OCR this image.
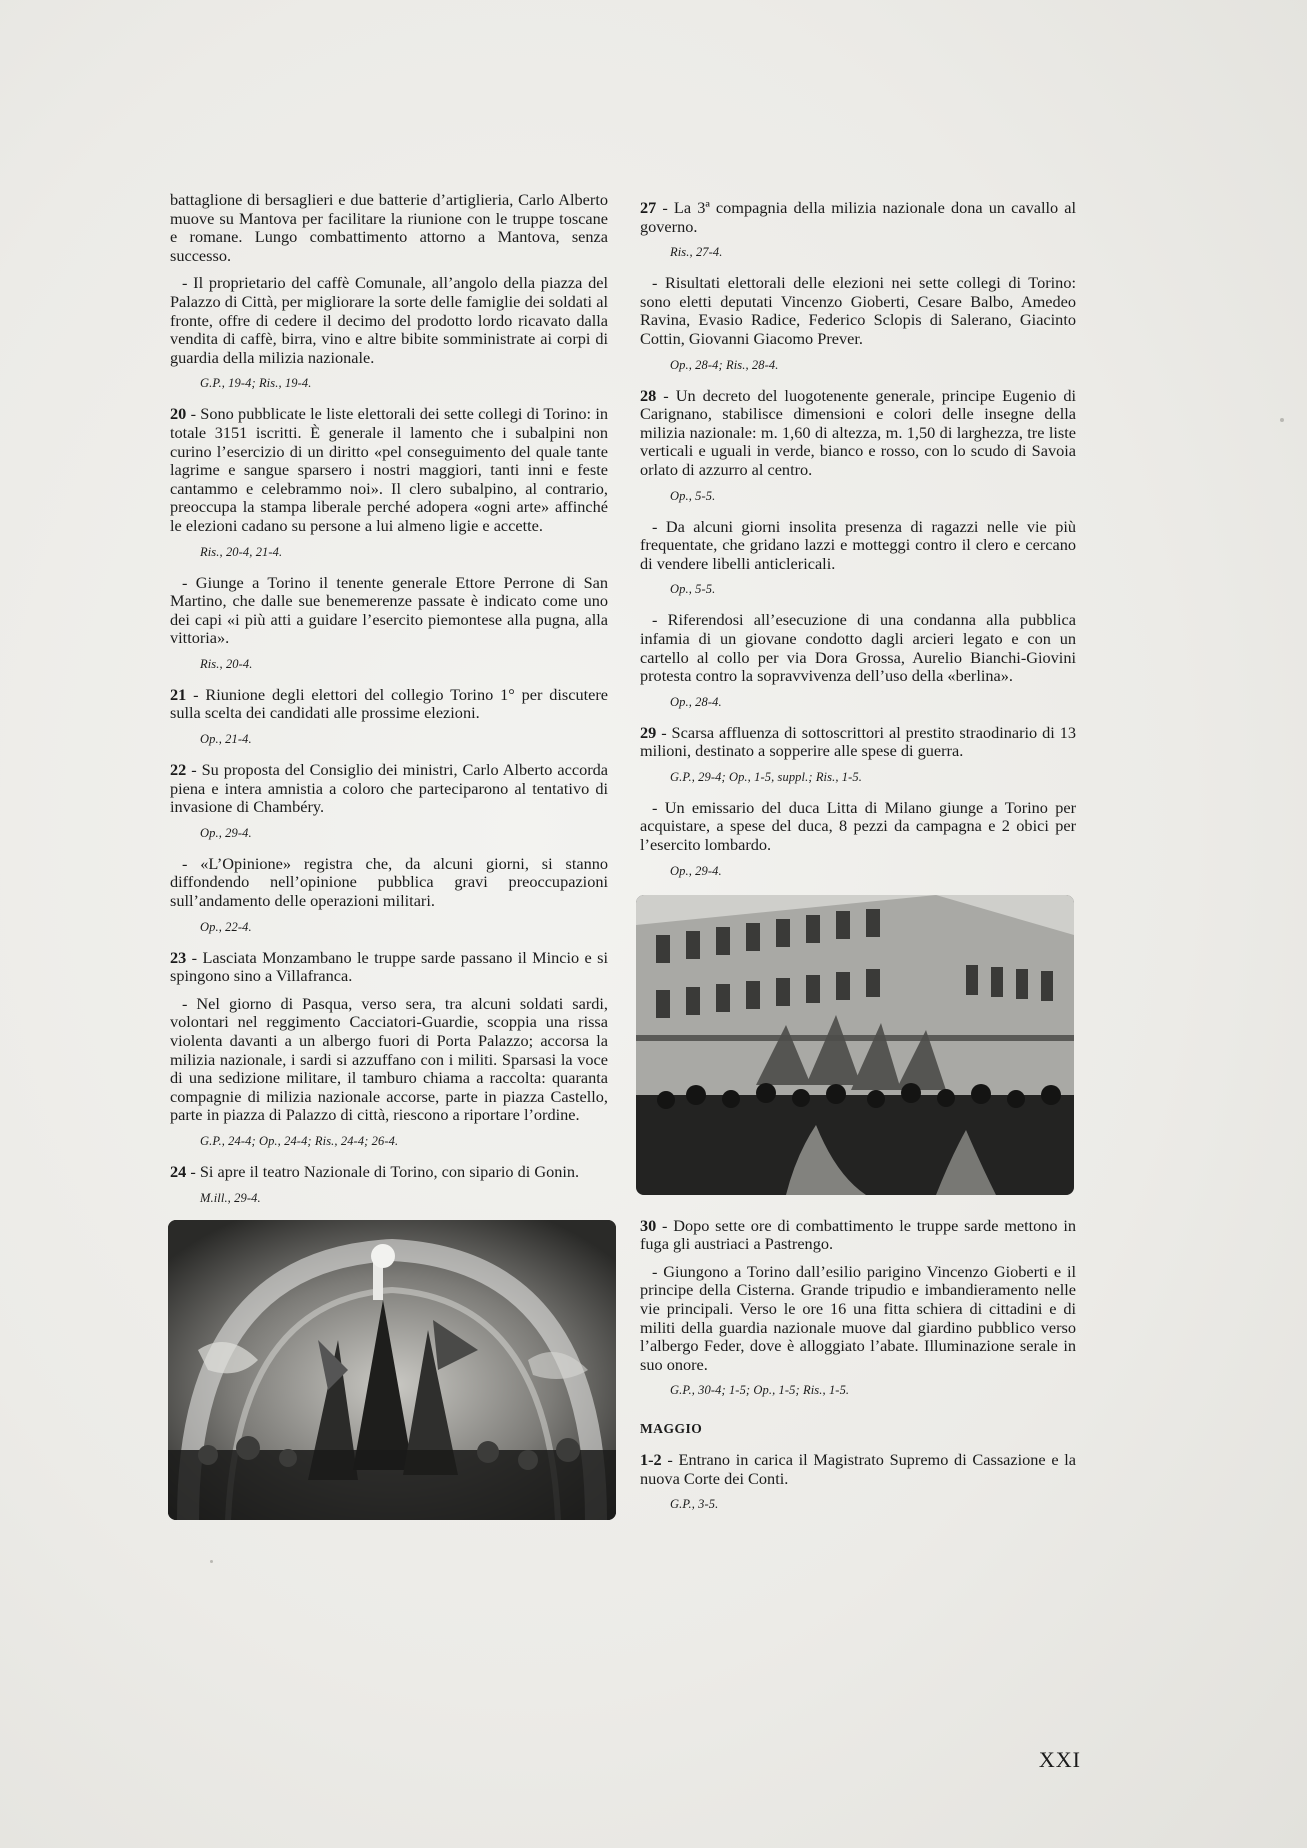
battaglione di bersaglieri e due batterie d’artiglieria, Carlo Alberto muove su Mantova per facilitare la riunione con le truppe toscane e romane. Lungo combattimento attorno a Mantova, senza successo.

- Il proprietario del caffè Comunale, all’angolo della piazza del Palazzo di Città, per migliorare la sorte delle famiglie dei soldati al fronte, offre di cedere il decimo del prodotto lordo ricavato dalla vendita di caffè, birra, vino e altre bibite somministrate ai corpi di guardia della milizia nazionale.

G.P., 19-4; Ris., 19-4.

20 - Sono pubblicate le liste elettorali dei sette collegi di Torino: in totale 3151 iscritti. È generale il lamento che i subalpini non curino l’esercizio di un diritto «pel conseguimento del quale tante lagrime e sangue sparsero i nostri maggiori, tanti inni e feste cantammo e celebrammo noi». Il clero subalpino, al contrario, preoccupa la stampa liberale perché adopera «ogni arte» affinché le elezioni cadano su persone a lui almeno ligie e accette.

Ris., 20-4, 21-4.

- Giunge a Torino il tenente generale Ettore Perrone di San Martino, che dalle sue benemerenze passate è indicato come uno dei capi «i più atti a guidare l’esercito piemontese alla pugna, alla vittoria».

Ris., 20-4.

21 - Riunione degli elettori del collegio Torino 1° per discutere sulla scelta dei candidati alle prossime elezioni.

Op., 21-4.

22 - Su proposta del Consiglio dei ministri, Carlo Alberto accorda piena e intera amnistia a coloro che parteciparono al tentativo di invasione di Chambéry.

Op., 29-4.

- «L’Opinione» registra che, da alcuni giorni, si stanno diffondendo nell’opinione pubblica gravi preoccupazioni sull’andamento delle operazioni militari.

Op., 22-4.

23 - Lasciata Monzambano le truppe sarde passano il Mincio e si spingono sino a Villafranca.

- Nel giorno di Pasqua, verso sera, tra alcuni soldati sardi, volontari nel reggimento Cacciatori-Guardie, scoppia una rissa violenta davanti a un albergo fuori di Porta Palazzo; accorsa la milizia nazionale, i sardi si azzuffano con i militi. Sparsasi la voce di una sedizione militare, il tamburo chiama a raccolta: quaranta compagnie di milizia nazionale accorse, parte in piazza Castello, parte in piazza di Palazzo di città, riescono a riportare l’ordine.

G.P., 24-4; Op., 24-4; Ris., 24-4; 26-4.

24 - Si apre il teatro Nazionale di Torino, con sipario di Gonin.

M.ill., 29-4.

27 - La 3ª compagnia della milizia nazionale dona un cavallo al governo.

Ris., 27-4.

- Risultati elettorali delle elezioni nei sette collegi di Torino: sono eletti deputati Vincenzo Gioberti, Cesare Balbo, Amedeo Ravina, Evasio Radice, Federico Sclopis di Salerano, Giacinto Cottin, Giovanni Giacomo Prever.

Op., 28-4; Ris., 28-4.

28 - Un decreto del luogotenente generale, principe Eugenio di Carignano, stabilisce dimensioni e colori delle insegne della milizia nazionale: m. 1,60 di altezza, m. 1,50 di larghezza, tre liste verticali e uguali in verde, bianco e rosso, con lo scudo di Savoia orlato di azzurro al centro.

Op., 5-5.

- Da alcuni giorni insolita presenza di ragazzi nelle vie più frequentate, che gridano lazzi e motteggi contro il clero e cercano di vendere libelli anticlericali.

Op., 5-5.

- Riferendosi all’esecuzione di una condanna alla pubblica infamia di un giovane condotto dagli arcieri legato e con un cartello al collo per via Dora Grossa, Aurelio Bianchi-Giovini protesta contro la sopravvivenza dell’uso della «berlina».

Op., 28-4.

29 - Scarsa affluenza di sottoscrittori al prestito straodinario di 13 milioni, destinato a sopperire alle spese di guerra.

G.P., 29-4; Op., 1-5, suppl.; Ris., 1-5.

- Un emissario del duca Litta di Milano giunge a Torino per acquistare, a spese del duca, 8 pezzi da campagna e 2 obici per l’esercito lombardo.

Op., 29-4.

30 - Dopo sette ore di combattimento le truppe sarde mettono in fuga gli austriaci a Pastrengo.

- Giungono a Torino dall’esilio parigino Vincenzo Gioberti e il principe della Cisterna. Grande tripudio e imbandieramento nelle vie principali. Verso le ore 16 una fitta schiera di cittadini e di militi della guardia nazionale muove dal giardino pubblico verso l’albergo Feder, dove è alloggiato l’abate. Illuminazione serale in suo onore.

G.P., 30-4; 1-5; Op., 1-5; Ris., 1-5.

MAGGIO

1-2 - Entrano in carica il Magistrato Supremo di Cassazione e la nuova Corte dei Conti.

G.P., 3-5.

XXI
